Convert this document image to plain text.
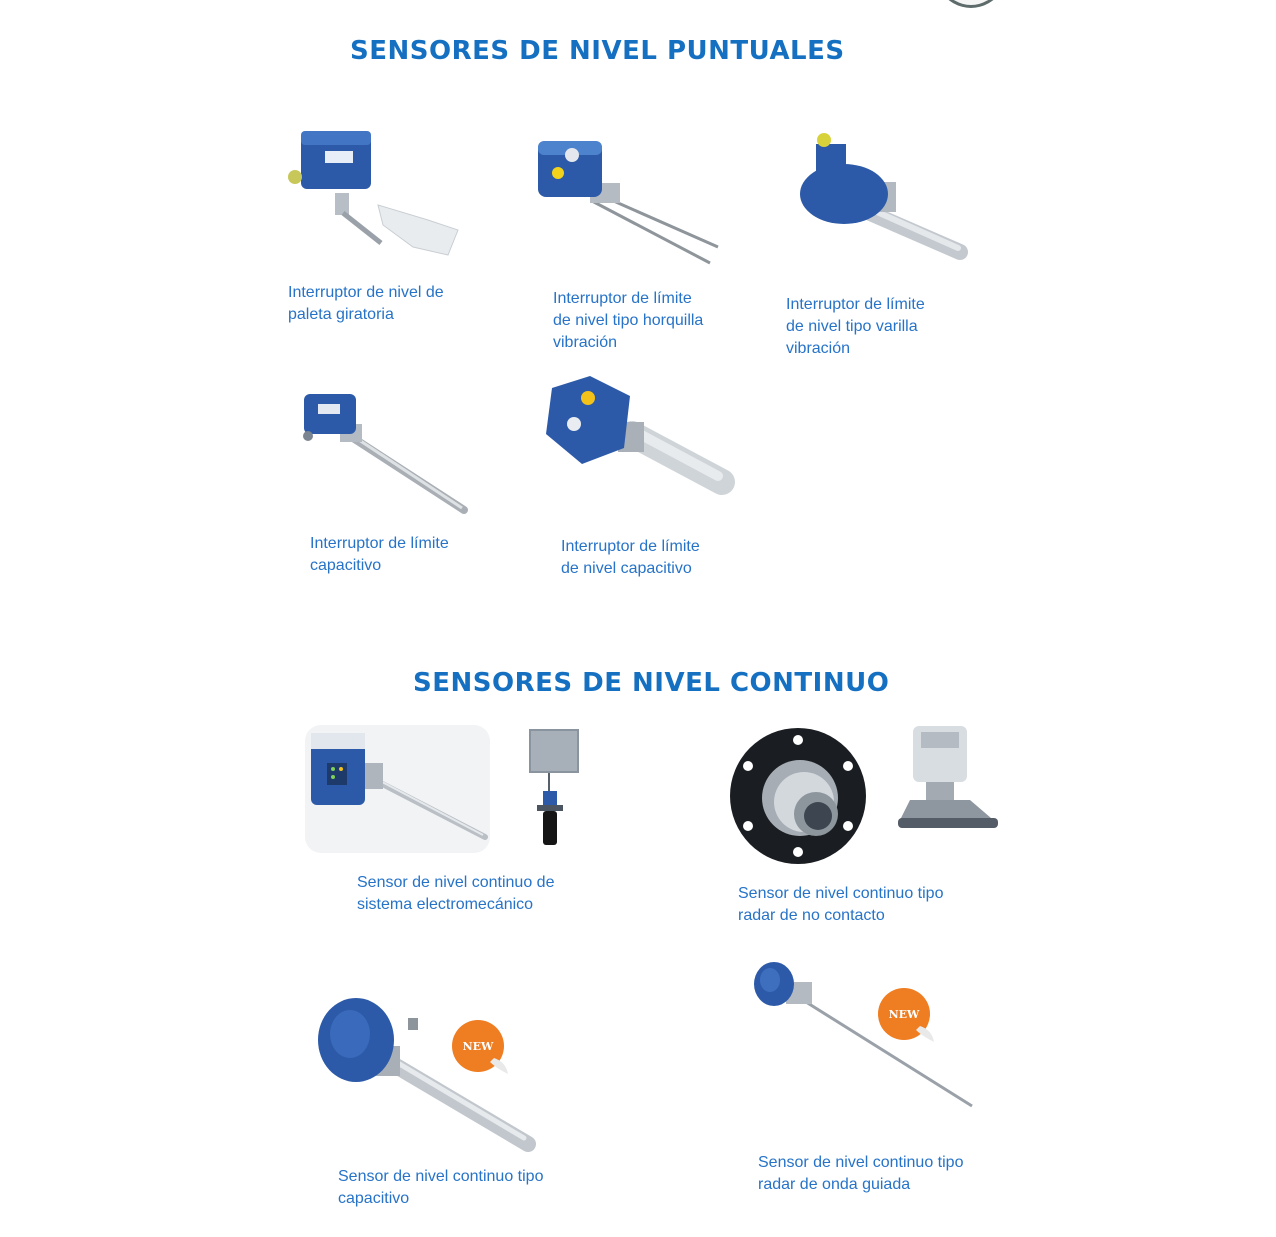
SENSORES DE NIVEL PUNTUALES
Interruptor de nivel de
paleta giratoria
Interruptor de límite
de nivel tipo horquilla
vibración
Interruptor de límite
de nivel tipo varilla
vibración
Interruptor de límite
capacitivo
Interruptor de límite
de nivel capacitivo
SENSORES DE NIVEL CONTINUO
Sensor de nivel continuo de
sistema electromecánico
Sensor de nivel continuo tipo
radar de no contacto
NEW
Sensor de nivel continuo tipo
capacitivo
NEW
Sensor de nivel continuo tipo
radar de onda guiada
